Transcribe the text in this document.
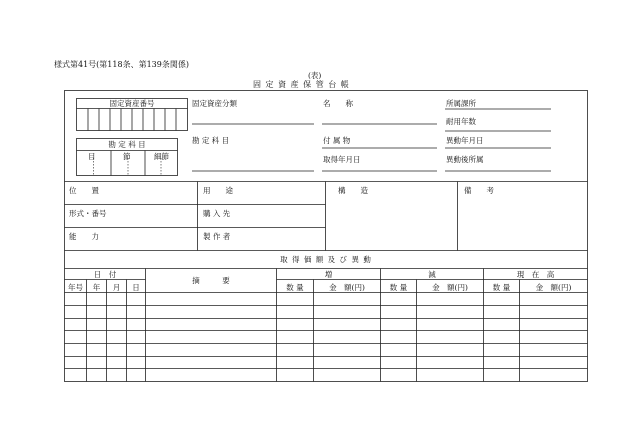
様式第41号(第118条、第139条関係)
(表)
固 定 資 産 保 管 台 帳
固定資産番号
勘 定 科 目
目	節	細節
固定資産分類
勘 定 科 目
名　　称
付 属 物
取得年月日
所属課所
耐用年数
異動年月日
異動後所属
位　　置
形式・番号
能　　力
用　　途
購 入 先
製 作 者
構　　造	備　　考
取 得 価 額 及 び 異 動
日　付
年号	年	月	日
摘　　　要
増
数 量	金　額(円)
減
数 量	金　額(円)
現　在　高
数 量	金　額(円)
